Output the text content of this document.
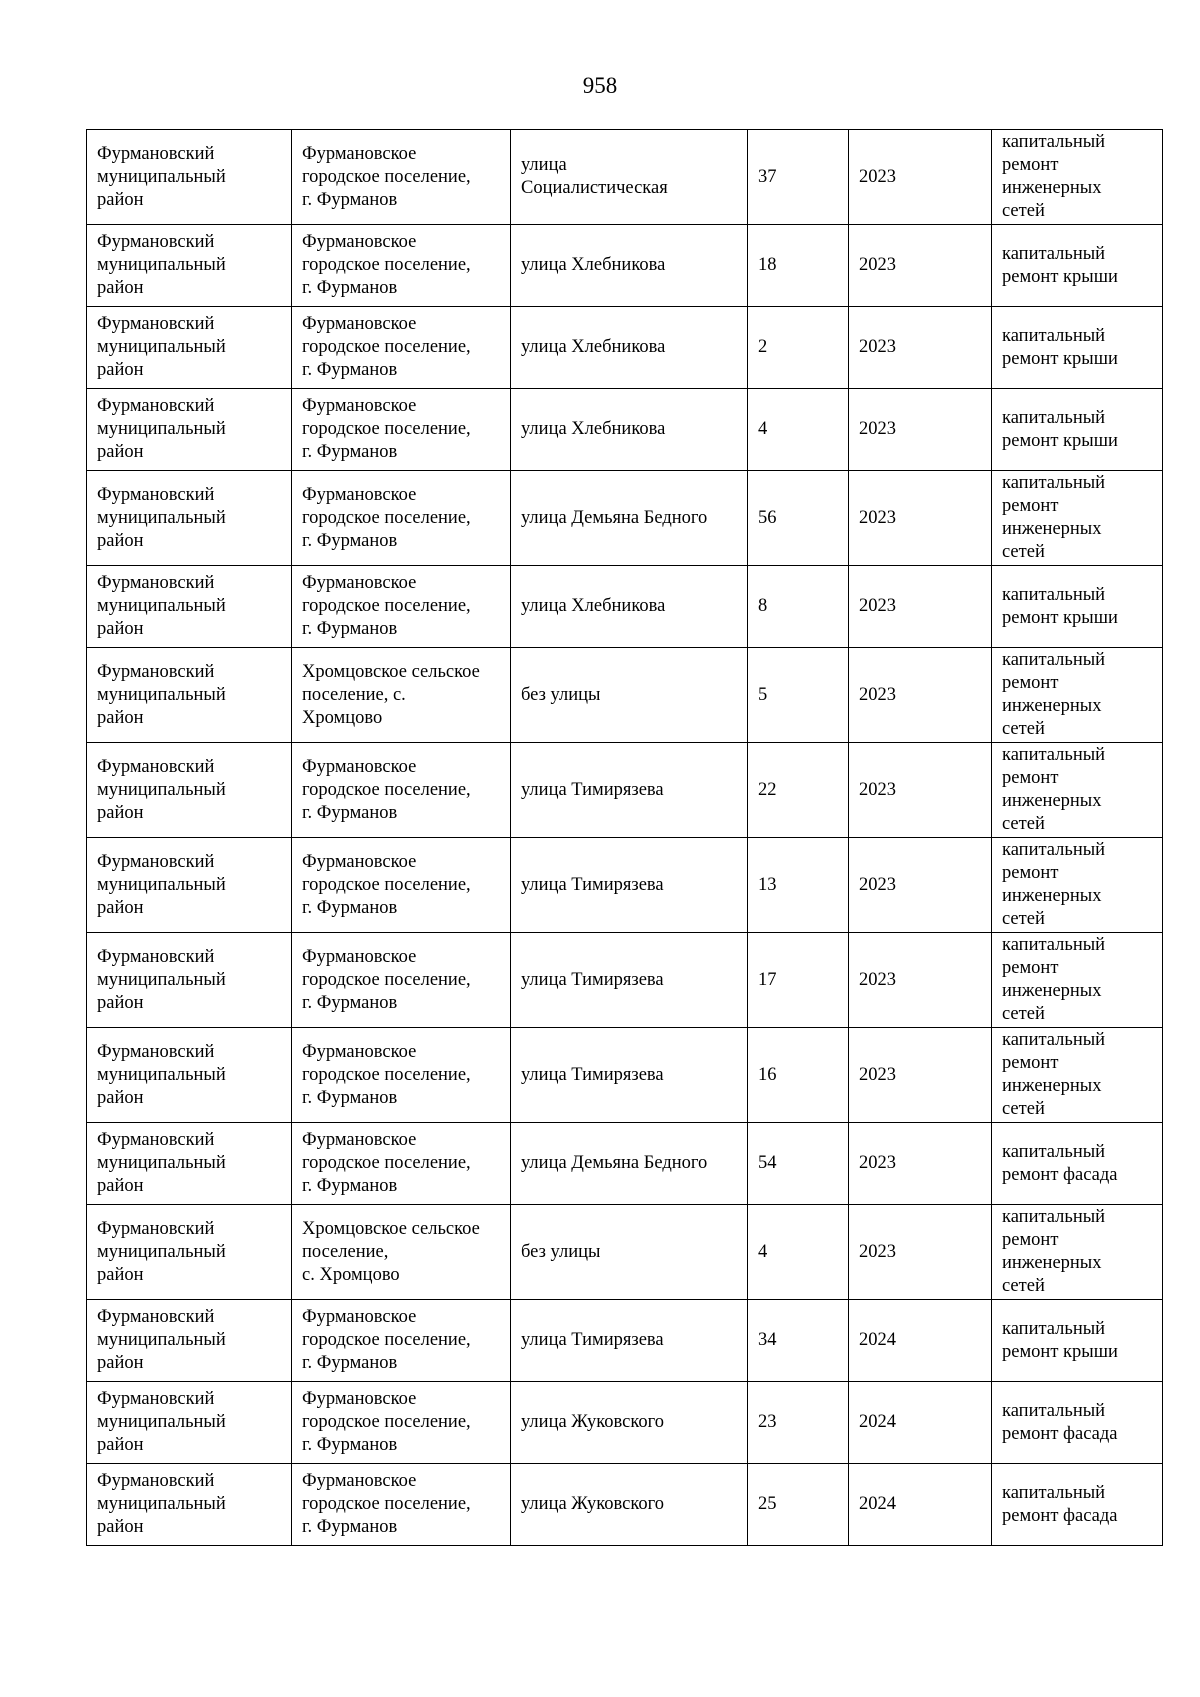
958
Фурмановский
муниципальный
район	Фурмановское
городское поселение,
г. Фурманов	улица
Социалистическая	37	2023	капитальный
ремонт
инженерных
сетей

Фурмановский
муниципальный
район	Фурмановское
городское поселение,
г. Фурманов	улица Хлебникова	18	2023	капитальный
ремонт крыши

Фурмановский
муниципальный
район	Фурмановское
городское поселение,
г. Фурманов	улица Хлебникова	2	2023	капитальный
ремонт крыши

Фурмановский
муниципальный
район	Фурмановское
городское поселение,
г. Фурманов	улица Хлебникова	4	2023	капитальный
ремонт крыши

Фурмановский
муниципальный
район	Фурмановское
городское поселение,
г. Фурманов	улица Демьяна Бедного	56	2023	капитальный
ремонт
инженерных
сетей

Фурмановский
муниципальный
район	Фурмановское
городское поселение,
г. Фурманов	улица Хлебникова	8	2023	капитальный
ремонт крыши

Фурмановский
муниципальный
район	Хромцовское сельское
поселение, с.
Хромцово	без улицы	5	2023	капитальный
ремонт
инженерных
сетей

Фурмановский
муниципальный
район	Фурмановское
городское поселение,
г. Фурманов	улица Тимирязева	22	2023	капитальный
ремонт
инженерных
сетей

Фурмановский
муниципальный
район	Фурмановское
городское поселение,
г. Фурманов	улица Тимирязева	13	2023	капитальный
ремонт
инженерных
сетей

Фурмановский
муниципальный
район	Фурмановское
городское поселение,
г. Фурманов	улица Тимирязева	17	2023	капитальный
ремонт
инженерных
сетей

Фурмановский
муниципальный
район	Фурмановское
городское поселение,
г. Фурманов	улица Тимирязева	16	2023	капитальный
ремонт
инженерных
сетей

Фурмановский
муниципальный
район	Фурмановское
городское поселение,
г. Фурманов	улица Демьяна Бедного	54	2023	капитальный
ремонт фасада

Фурмановский
муниципальный
район	Хромцовское сельское
поселение,
с. Хромцово	без улицы	4	2023	капитальный
ремонт
инженерных
сетей

Фурмановский
муниципальный
район	Фурмановское
городское поселение,
г. Фурманов	улица Тимирязева	34	2024	капитальный
ремонт крыши

Фурмановский
муниципальный
район	Фурмановское
городское поселение,
г. Фурманов	улица Жуковского	23	2024	капитальный
ремонт фасада

Фурмановский
муниципальный
район	Фурмановское
городское поселение,
г. Фурманов	улица Жуковского	25	2024	капитальный
ремонт фасада
